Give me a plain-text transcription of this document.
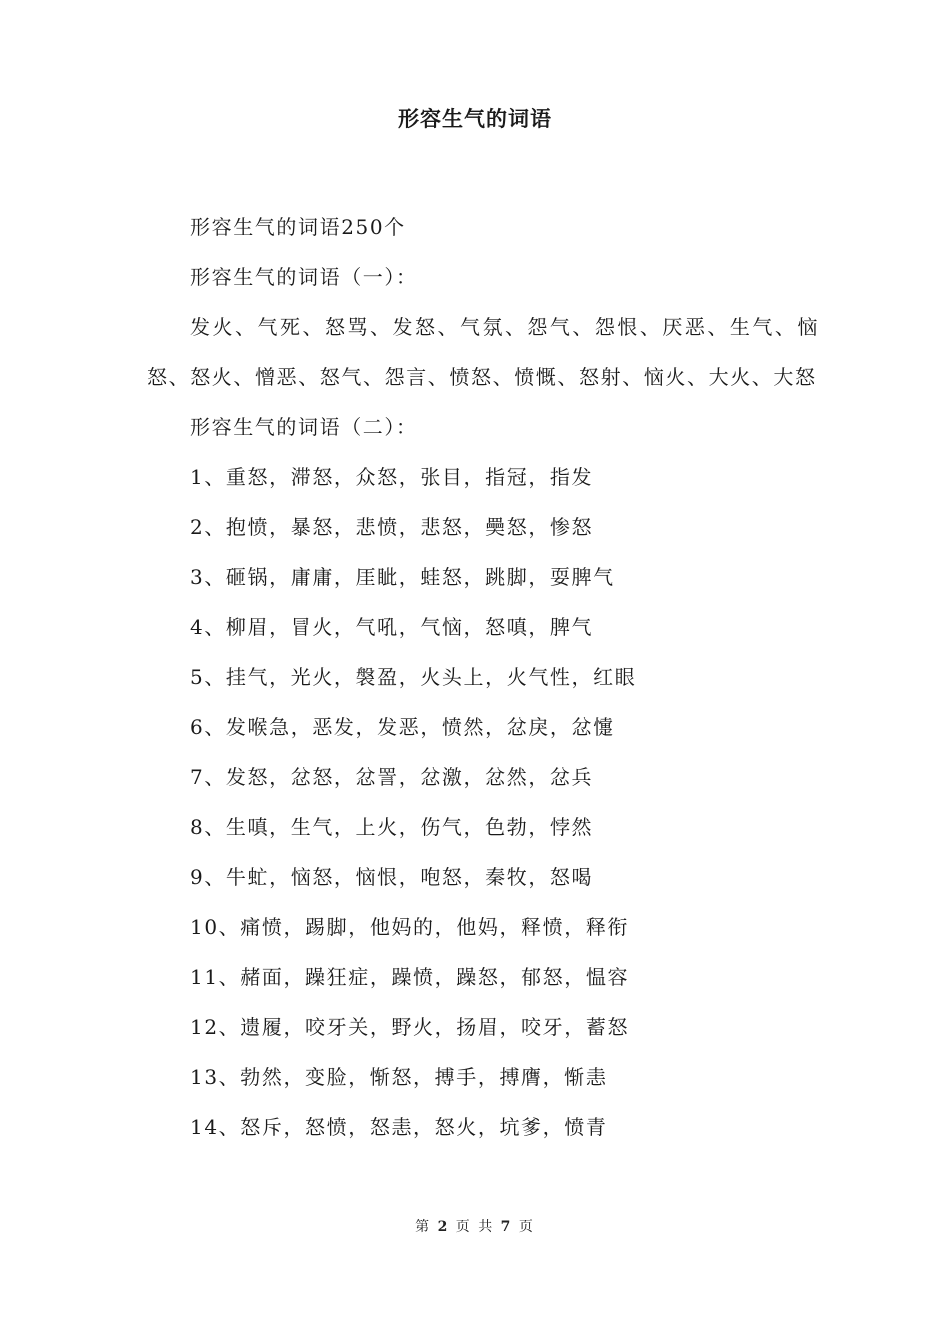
形容生气的词语

形容生气的词语250个

形容生气的词语（一）：

发火、气死、怒骂、发怒、气氛、怨气、怨恨、厌恶、生气、恼怒、怒火、憎恶、怒气、怨言、愤怒、愤慨、怒射、恼火、大火、大怒

形容生气的词语（二）：

1、重怒，滞怒，众怒，张目，指冠，指发

2、抱愤，暴怒，悲愤，悲怒，奰怒，惨怒

3、砸锅，庸庸，厓眦，蛙怒，跳脚，耍脾气

4、柳眉，冒火，气吼，气恼，怒嗔，脾气

5、挂气，光火，褩盈，火头上，火气性，红眼

6、发喉急，恶发，发恶，愤然，忿戾，忿懥

7、发怒，忿怒，忿詈，忿激，忿然，忿兵

8、生嗔，生气，上火，伤气，色勃，悖然

9、牛虻，恼怒，恼恨，咆怒，秦牧，怒喝

10、痛愤，踢脚，他妈的，他妈，释愤，释衔

11、赭面，躁狂症，躁愤，躁怒，郁怒，愠容

12、遗履，咬牙关，野火，扬眉，咬牙，蓄怒

13、勃然，变脸，惭怒，搏手，搏膺，惭恚

14、怒斥，怒愤，怒恚，怒火，坑爹，愤青

第 2 页 共 7 页
